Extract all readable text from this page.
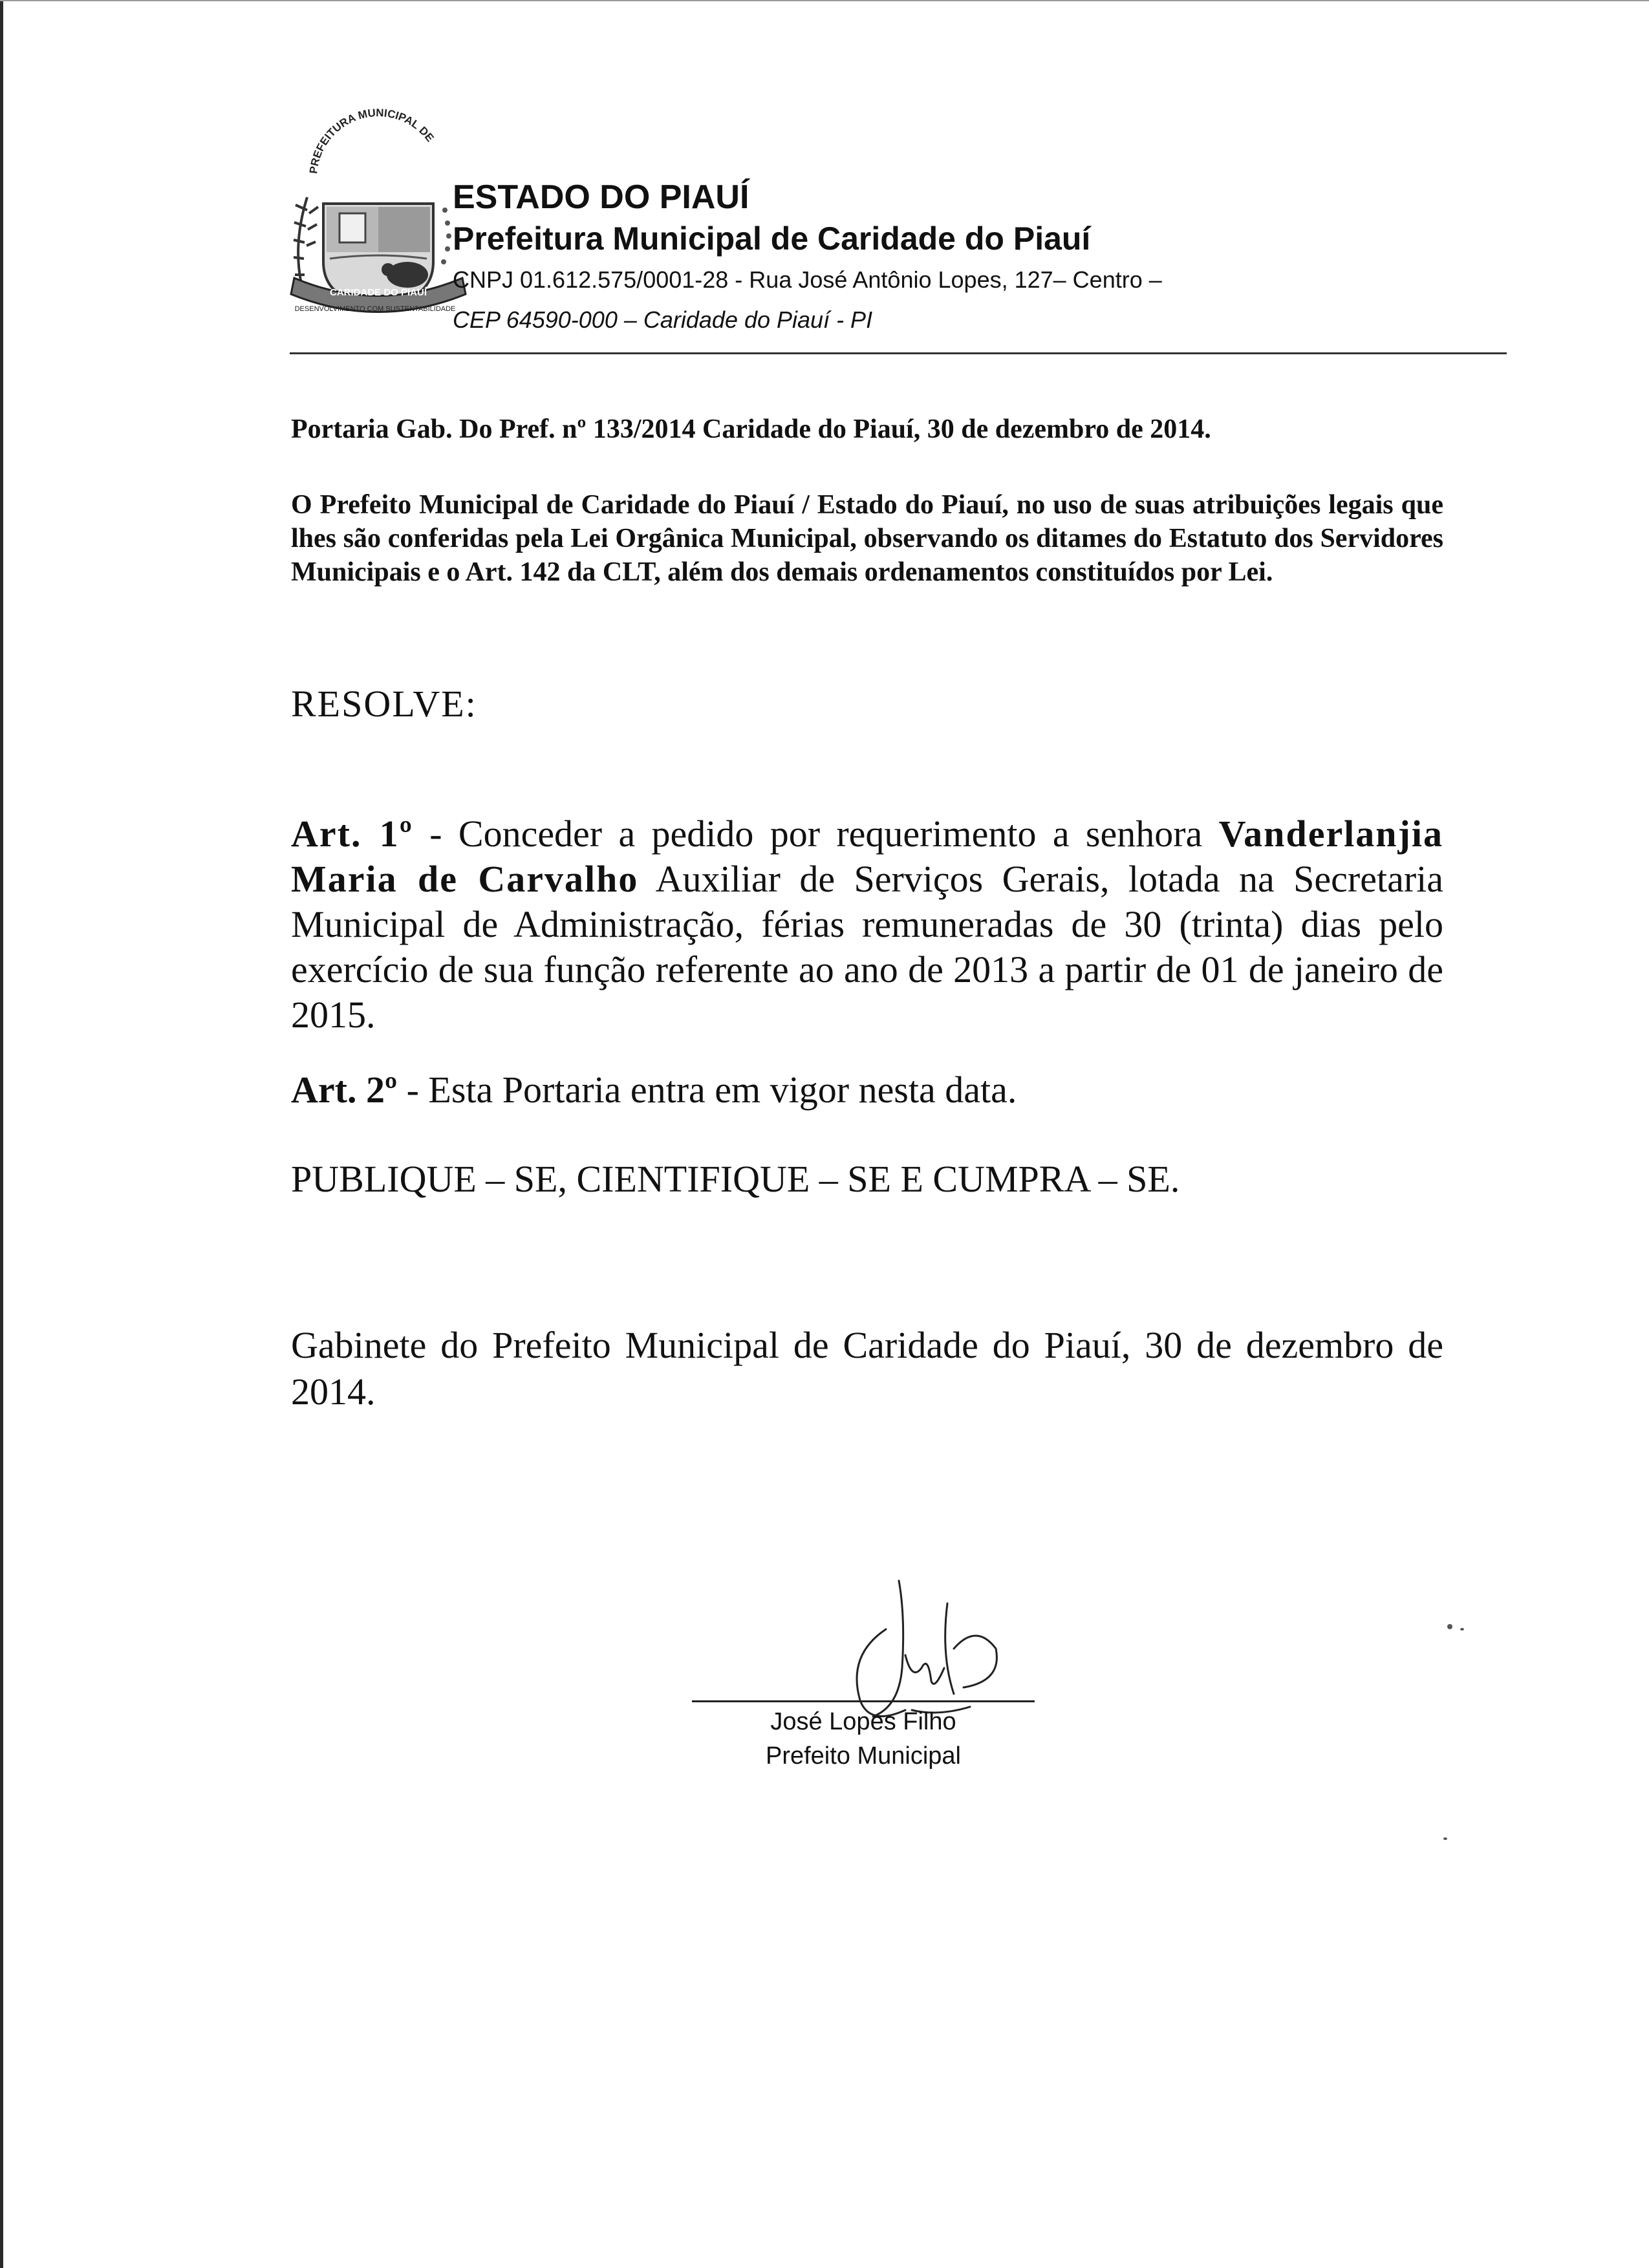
PREFEITURA MUNICIPAL DE
CARIDADE DO PIAUÍ
DESENVOLVIMENTO COM SUSTENTABILIDADE
ESTADO DO PIAUÍ
Prefeitura Municipal de Caridade do Piauí
CNPJ 01.612.575/0001-28 - Rua José Antônio Lopes, 127– Centro –
CEP 64590-000 – Caridade do Piauí - PI
Portaria Gab. Do Pref. nº 133/2014 Caridade do Piauí, 30 de dezembro de 2014.
O Prefeito Municipal de Caridade do Piauí / Estado do Piauí, no uso de suas atribuições legais que lhes são conferidas pela Lei Orgânica Municipal, observando os ditames do Estatuto dos Servidores Municipais e o Art. 142 da CLT, além dos demais ordenamentos constituídos por Lei.
RESOLVE:
Art. 1º - Conceder a pedido por requerimento a senhora Vanderlanjia Maria de Carvalho Auxiliar de Serviços Gerais, lotada na Secretaria Municipal de Administração, férias remuneradas de 30 (trinta) dias pelo exercício de sua função referente ao ano de 2013 a partir de 01 de janeiro de 2015.
Art. 2º - Esta Portaria entra em vigor nesta data.
PUBLIQUE – SE, CIENTIFIQUE – SE E CUMPRA – SE.
Gabinete do Prefeito Municipal de Caridade do Piauí, 30 de dezembro de 2014.
José Lopes Filho
Prefeito Municipal
